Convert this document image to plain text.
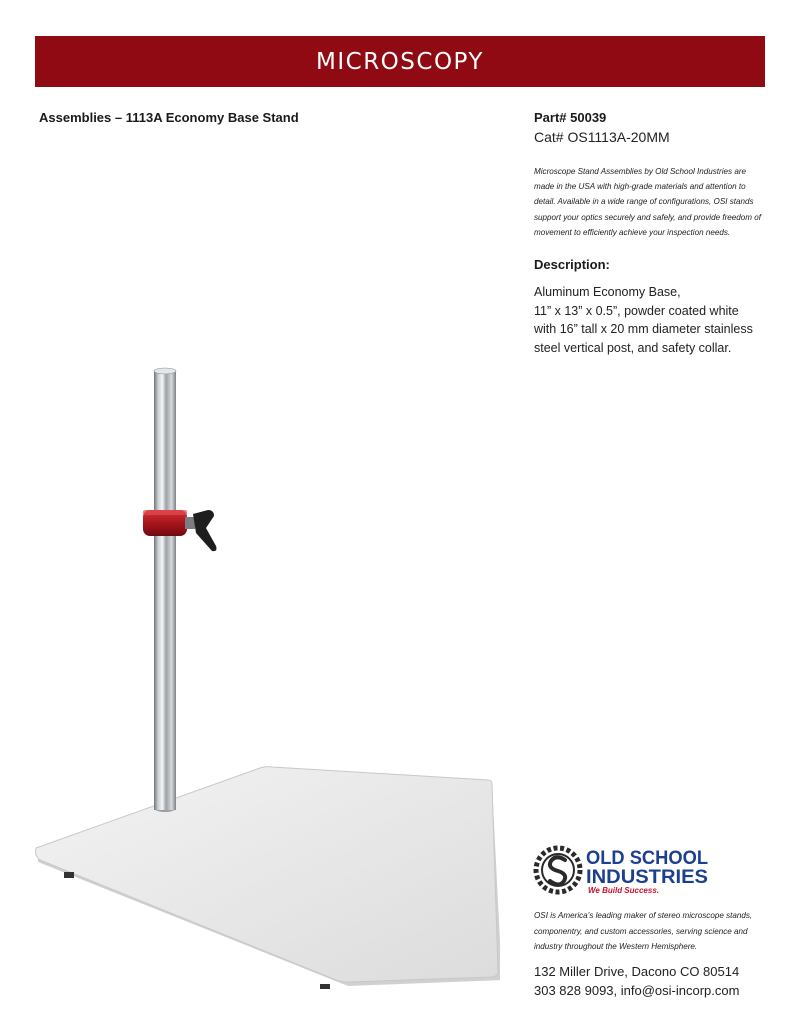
MICROSCOPY
Assemblies – 1113A Economy Base Stand	Part# 50039
Cat# OS1113A-20MM
Microscope Stand Assemblies by Old School Industries are made in the USA with high-grade materials and attention to detail. Available in a wide range of configurations, OSI stands support your optics securely and safely, and provide freedom of movement to efficiently achieve your inspection needs.
Description:
Aluminum Economy Base,
11” x 13” x 0.5”, powder coated white
with 16” tall x 20 mm diameter stainless
steel vertical post, and safety collar.
OLD SCHOOL
INDUSTRIES
We Build Success.
OSI is America’s leading maker of stereo microscope stands, componentry, and custom accessories, serving science and industry throughout the Western Hemisphere.
132 Miller Drive, Dacono CO 80514
303 828 9093, info@osi-incorp.com
